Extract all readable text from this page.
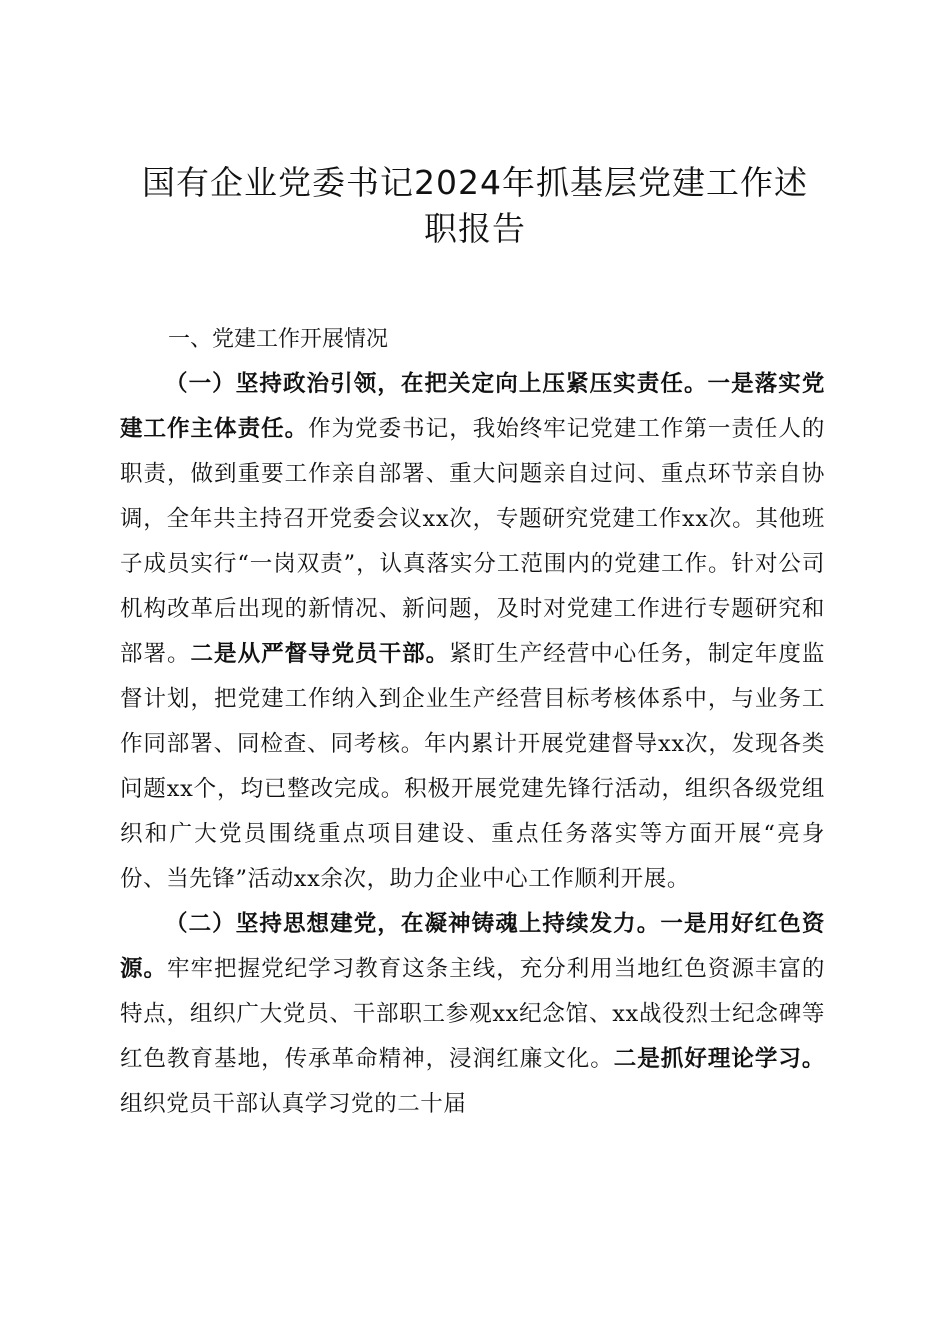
国有企业党委书记2024年抓基层党建工作述
职报告

一、党建工作开展情况

（一）坚持政治引领，在把关定向上压紧压实责任。一是落实党建工作主体责任。作为党委书记，我始终牢记党建工作第一责任人的职责，做到重要工作亲自部署、重大问题亲自过问、重点环节亲自协调，全年共主持召开党委会议xx次，专题研究党建工作xx次。其他班子成员实行“一岗双责”，认真落实分工范围内的党建工作。针对公司机构改革后出现的新情况、新问题，及时对党建工作进行专题研究和部署。二是从严督导党员干部。紧盯生产经营中心任务，制定年度监督计划，把党建工作纳入到企业生产经营目标考核体系中，与业务工作同部署、同检查、同考核。年内累计开展党建督导xx次，发现各类问题xx个，均已整改完成。积极开展党建先锋行活动，组织各级党组织和广大党员围绕重点项目建设、重点任务落实等方面开展“亮身份、当先锋”活动xx余次，助力企业中心工作顺利开展。

（二）坚持思想建党，在凝神铸魂上持续发力。一是用好红色资源。牢牢把握党纪学习教育这条主线，充分利用当地红色资源丰富的特点，组织广大党员、干部职工参观xx纪念馆、xx战役烈士纪念碑等红色教育基地，传承革命精神，浸润红廉文化。二是抓好理论学习。组织党员干部认真学习党的二十届
